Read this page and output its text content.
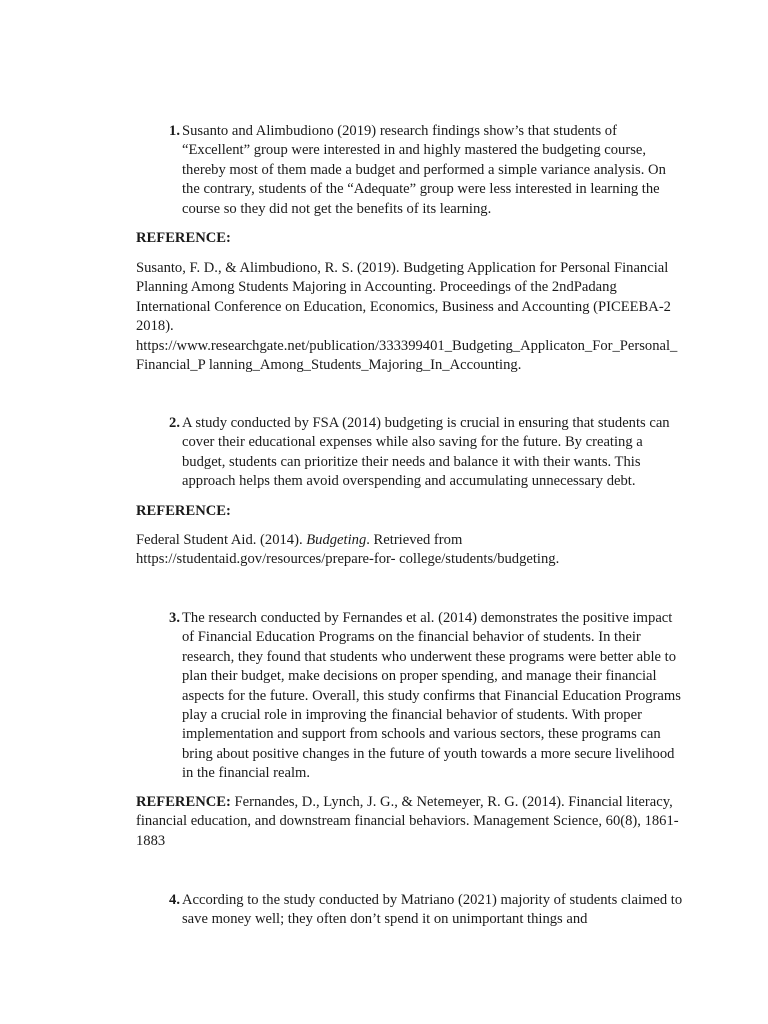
1. Susanto and Alimbudiono (2019) research findings show’s that students of “Excellent” group were interested in and highly mastered the budgeting course, thereby most of them made a budget and performed a simple variance analysis. On the contrary, students of the “Adequate” group were less interested in learning the course so they did not get the benefits of its learning.
REFERENCE:
Susanto, F. D., & Alimbudiono, R. S. (2019). Budgeting Application for Personal Financial Planning Among Students Majoring in Accounting. Proceedings of the 2ndPadang International Conference on Education, Economics, Business and Accounting (PICEEBA-2 2018).
https://www.researchgate.net/publication/333399401_Budgeting_Applicaton_For_Personal_Financial_P lanning_Among_Students_Majoring_In_Accounting.
2. A study conducted by FSA (2014) budgeting is crucial in ensuring that students can cover their educational expenses while also saving for the future. By creating a budget, students can prioritize their needs and balance it with their wants. This approach helps them avoid overspending and accumulating unnecessary debt.
REFERENCE:
Federal Student Aid. (2014). Budgeting. Retrieved from
https://studentaid.gov/resources/prepare-for- college/students/budgeting.
3. The research conducted by Fernandes et al. (2014) demonstrates the positive impact of Financial Education Programs on the financial behavior of students. In their research, they found that students who underwent these programs were better able to plan their budget, make decisions on proper spending, and manage their financial aspects for the future. Overall, this study confirms that Financial Education Programs play a crucial role in improving the financial behavior of students. With proper implementation and support from schools and various sectors, these programs can bring about positive changes in the future of youth towards a more secure livelihood in the financial realm.
REFERENCE: Fernandes, D., Lynch, J. G., & Netemeyer, R. G. (2014). Financial literacy, financial education, and downstream financial behaviors. Management Science, 60(8), 1861-1883
4. According to the study conducted by Matriano (2021) majority of students claimed to save money well; they often don’t spend it on unimportant things and
